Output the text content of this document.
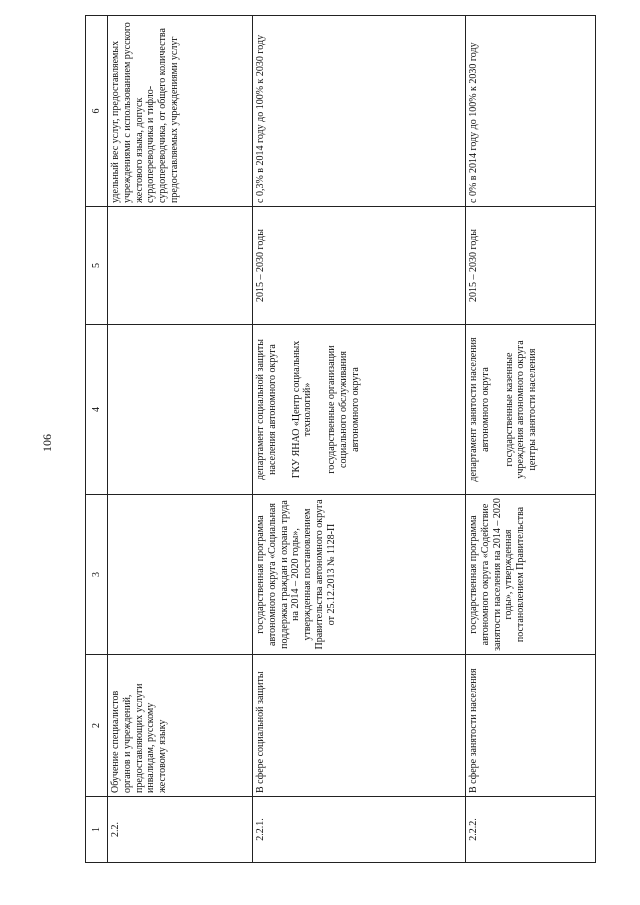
106
1	2	3	4	5	6
2.2.	Обучение специалистов органов и учреждений, предоставляющих услуги инвалидам, русскому жестовому языку				удельный вес услуг, предоставляемых учреждениями с использованием русского жестового языка, допуск сурдопереводчика и тифло-сурдопереводчика, от общего количества предоставляемых учреждениями услуг
2.2.1.	В сфере социальной защиты	государственная программа автономного округа «Социальная поддержка граждан и охрана труда на 2014 – 2020 годы», утвержденная постановлением Правительства автономного округа от 25.12.2013 № 1128-П	департамент социальной защиты населения автономного округа ГКУ ЯНАО «Центр социальных технологий» государственные организации социального обслуживания автономного округа	2015 – 2030 годы	с 0,3% в 2014 году до 100% к 2030 году
2.2.2.	В сфере занятости населения	государственная программа автономного округа «Содействие занятости населения на 2014 – 2020 годы», утвержденная постановлением Правительства	департамент занятости населения автономного округа государственные казенные учреждения автономного округа центры занятости населения	2015 – 2030 годы	с 0% в 2014 году до 100% к 2030 году
